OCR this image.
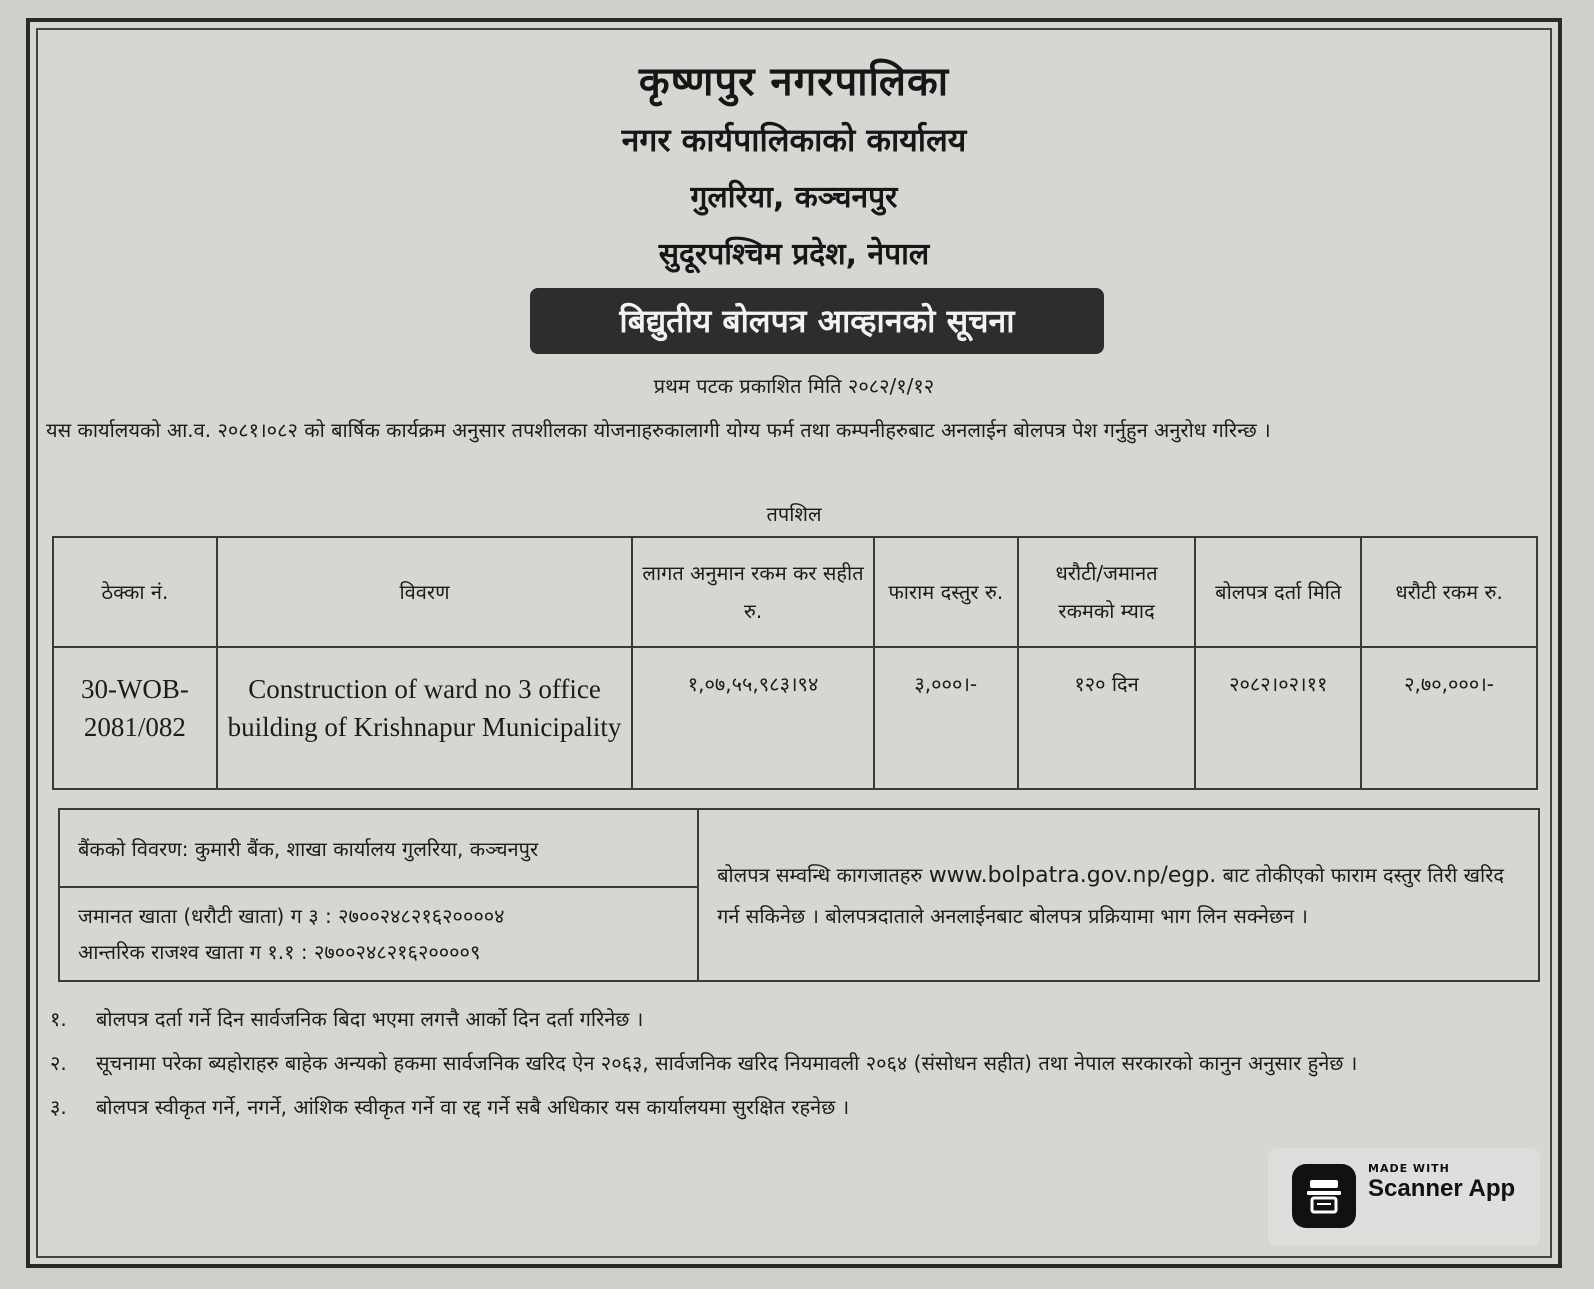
कृष्णपुर नगरपालिका
नगर कार्यपालिकाको कार्यालय
गुलरिया, कञ्चनपुर
सुदूरपश्चिम प्रदेश, नेपाल
बिद्युतीय बोलपत्र आव्हानको सूचना
प्रथम पटक प्रकाशित मिति २०८२/१/१२
यस कार्यालयको आ.व. २०८१।०८२ को बार्षिक कार्यक्रम अनुसार तपशीलका योजनाहरुकालागी योग्य फर्म तथा कम्पनीहरुबाट अनलाईन बोलपत्र पेश गर्नुहुन अनुरोध गरिन्छ ।
तपशिल
ठेक्का नं.	विवरण	लागत अनुमान रकम कर सहीत रु.	फाराम दस्तुर रु.	धरौटी/जमानत रकमको म्याद	बोलपत्र दर्ता मिति	धरौटी रकम रु.
30-WOB-2081/082	Construction of ward no 3 office building of Krishnapur Municipality	१,०७,५५,९८३।९४	३,०००।-	१२० दिन	२०८२।०२।११	२,७०,०००।-
बैंकको विवरण: कुमारी बैंक, शाखा कार्यालय गुलरिया, कञ्चनपुर	बोलपत्र सम्वन्धि कागजातहरु www.bolpatra.gov.np/egp. बाट तोकीएको फाराम दस्तुर तिरी खरिद गर्न सकिनेछ । बोलपत्रदाताले अनलाईनबाट बोलपत्र प्रक्रियामा भाग लिन सक्नेछन ।

जमानत खाता (धरौटी खाता) ग ३ : २७००२४८२१६२००००४
आन्तरिक राजश्व खाता ग १.१ : २७००२४८२१६२००००९
१. बोलपत्र दर्ता गर्ने दिन सार्वजनिक बिदा भएमा लगत्तै आर्को दिन दर्ता गरिनेछ ।
२. सूचनामा परेका ब्यहोराहरु बाहेक अन्यको हकमा सार्वजनिक खरिद ऐन २०६३, सार्वजनिक खरिद नियमावली २०६४ (संसोधन सहीत) तथा नेपाल सरकारको कानुन अनुसार हुनेछ ।
३. बोलपत्र स्वीकृत गर्ने, नगर्ने, आंशिक स्वीकृत गर्ने वा रद्द गर्ने सबै अधिकार यस कार्यालयमा सुरक्षित रहनेछ ।
MADE WITH
Scanner App
